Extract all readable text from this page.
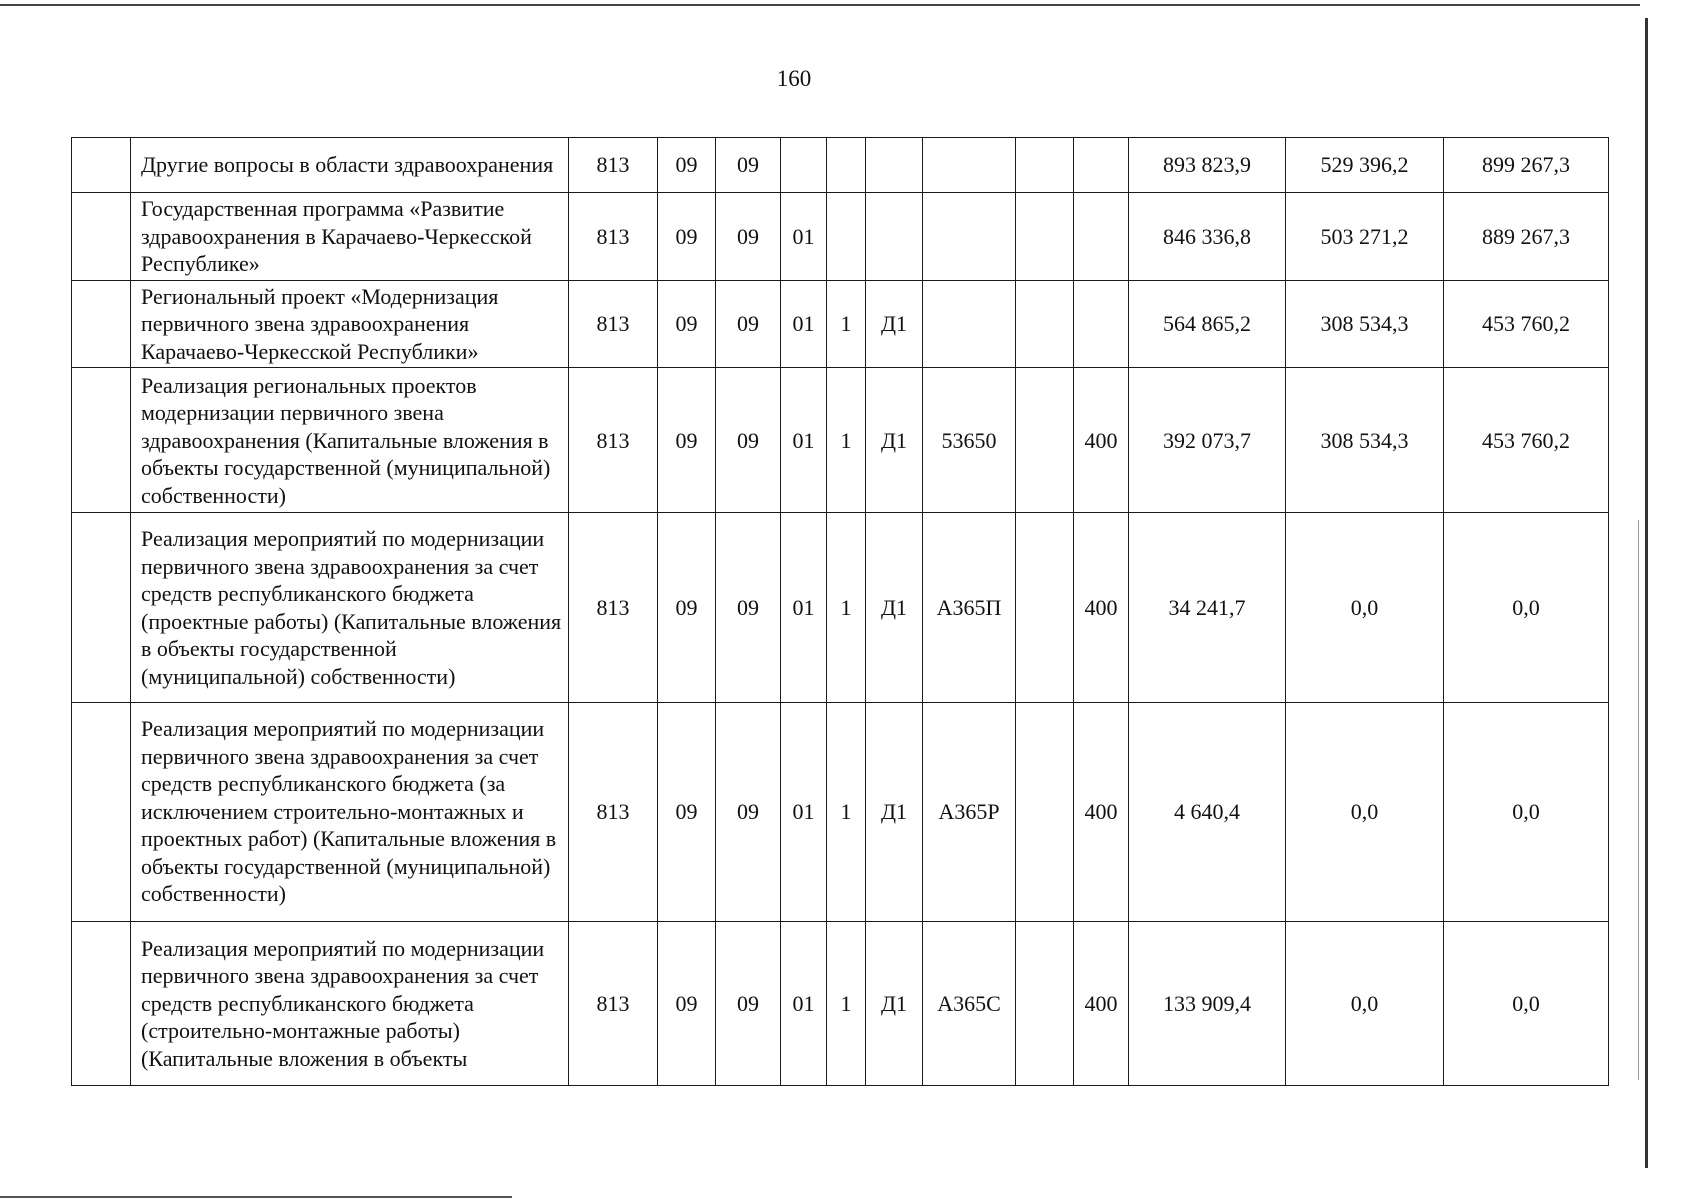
160
	Другие вопросы в области здравоохранения	813	09	09							893 823,9	529 396,2	899 267,3
	Государственная программа «Развитие здравоохранения в Карачаево-Черкесской Республике»	813	09	09	01						846 336,8	503 271,2	889 267,3
	Региональный проект «Модернизация первичного звена здравоохранения Карачаево-Черкесской Республики»	813	09	09	01	1	Д1				564 865,2	308 534,3	453 760,2
	Реализация региональных проектов модернизации первичного звена здравоохранения (Капитальные вложения в объекты государственной (муниципальной) собственности)	813	09	09	01	1	Д1	53650		400	392 073,7	308 534,3	453 760,2
	Реализация мероприятий по модернизации первичного звена здравоохранения за счет средств республиканского бюджета (проектные работы) (Капитальные вложения в объекты государственной (муниципальной) собственности)	813	09	09	01	1	Д1	А365П		400	34 241,7	0,0	0,0
	Реализация мероприятий по модернизации первичного звена здравоохранения за счет средств республиканского бюджета (за исключением строительно-монтажных и проектных работ) (Капитальные вложения в объекты государственной (муниципальной) собственности)	813	09	09	01	1	Д1	А365Р		400	4 640,4	0,0	0,0
	Реализация мероприятий по модернизации первичного звена здравоохранения за счет средств республиканского бюджета (строительно-монтажные работы) (Капитальные вложения в объекты	813	09	09	01	1	Д1	А365С		400	133 909,4	0,0	0,0
